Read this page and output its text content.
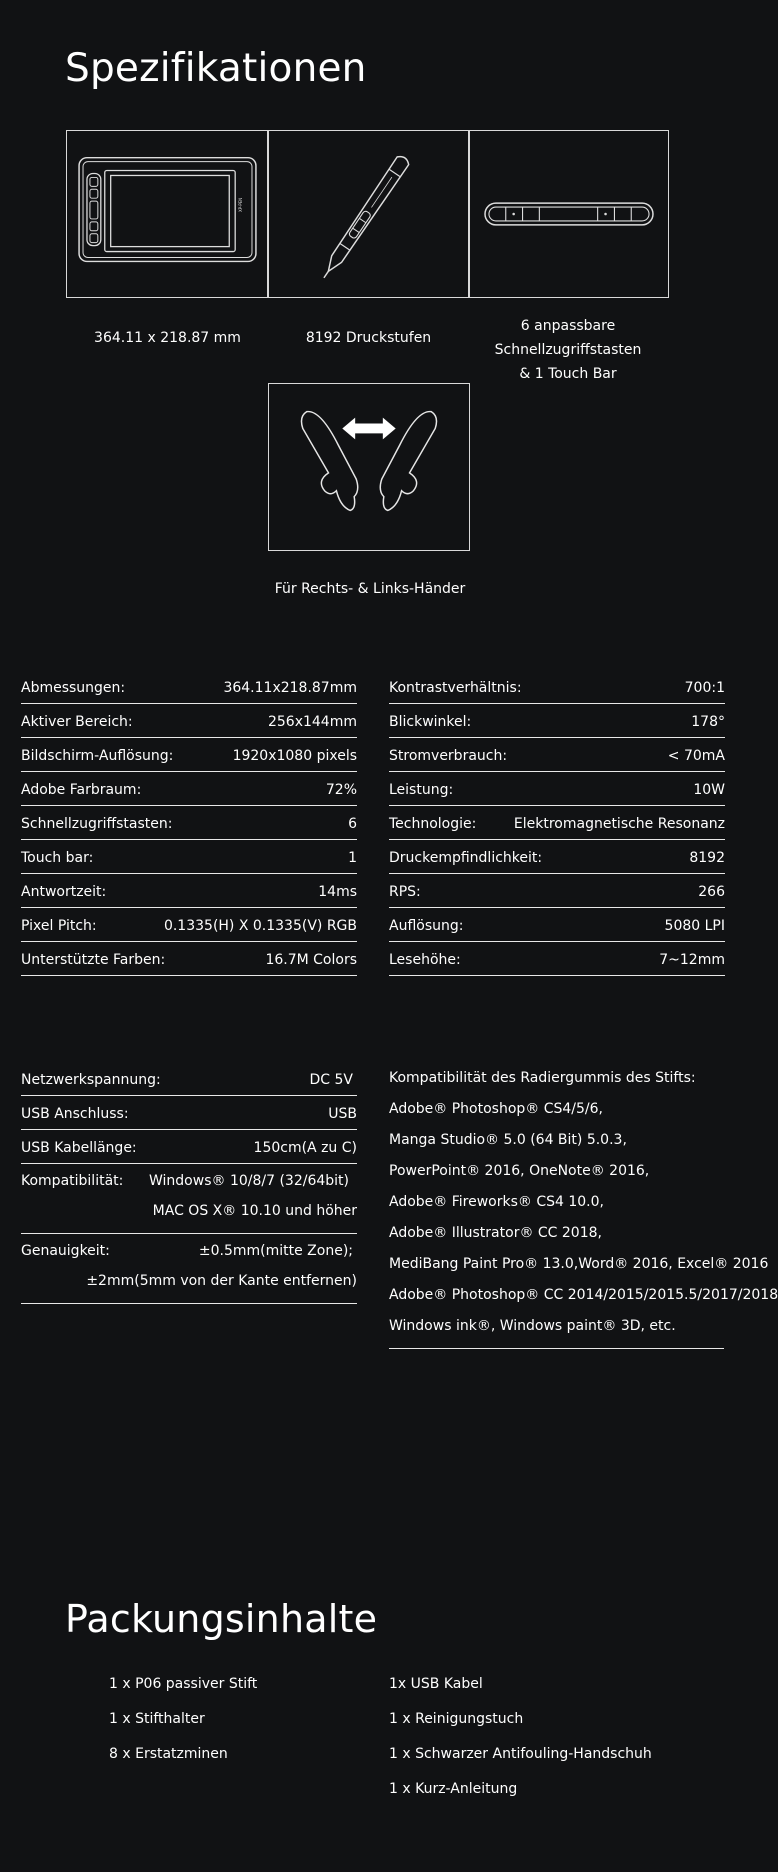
Spezifikationen
XP-PEN
364.11 x 218.87 mm	8192 Druckstufen
6 anpassbare Schnellzugriffstasten
& 1 Touch Bar
Für Rechts- & Links-Händer
Abmessungen:	364.11x218.87mm
Aktiver Bereich:	256x144mm
Bildschirm-Auflösung:	1920x1080 pixels
Adobe Farbraum:	72%
Schnellzugriffstasten:	6
Touch bar:	1
Antwortzeit:	14ms
Pixel Pitch:	0.1335(H) X 0.1335(V) RGB
Unterstützte Farben:	16.7M Colors
Kontrastverhältnis:	700:1
Blickwinkel:	178°
Stromverbrauch:	< 70mA
Leistung:	10W
Technologie:	Elektromagnetische Resonanz
Druckempfindlichkeit:	8192
RPS:	266
Auflösung:	5080 LPI
Lesehöhe:	7~12mm
Netzwerkspannung:	DC 5V
USB Anschluss:	USB
USB Kabellänge:	150cm(A zu C)
Kompatibilität:	Windows® 10/8/7 (32/64bit)
MAC OS X® 10.10 und höher
Genauigkeit:	±0.5mm(mitte Zone);
±2mm(5mm von der Kante entfernen)
Kompatibilität des Radiergummis des Stifts:
Adobe® Photoshop® CS4/5/6,
Manga Studio® 5.0 (64 Bit) 5.0.3,
PowerPoint® 2016, OneNote® 2016,
Adobe® Fireworks® CS4 10.0,
Adobe® Illustrator® CC 2018,
MediBang Paint Pro® 13.0,Word® 2016, Excel® 2016
Adobe® Photoshop® CC 2014/2015/2015.5/2017/2018
Windows ink®, Windows paint® 3D, etc.
Packungsinhalte
1 x P06 passiver Stift
1 x Stifthalter
8 x Erstatzminen
1x USB Kabel
1 x Reinigungstuch
1 x Schwarzer Antifouling-Handschuh
1 x Kurz-Anleitung
